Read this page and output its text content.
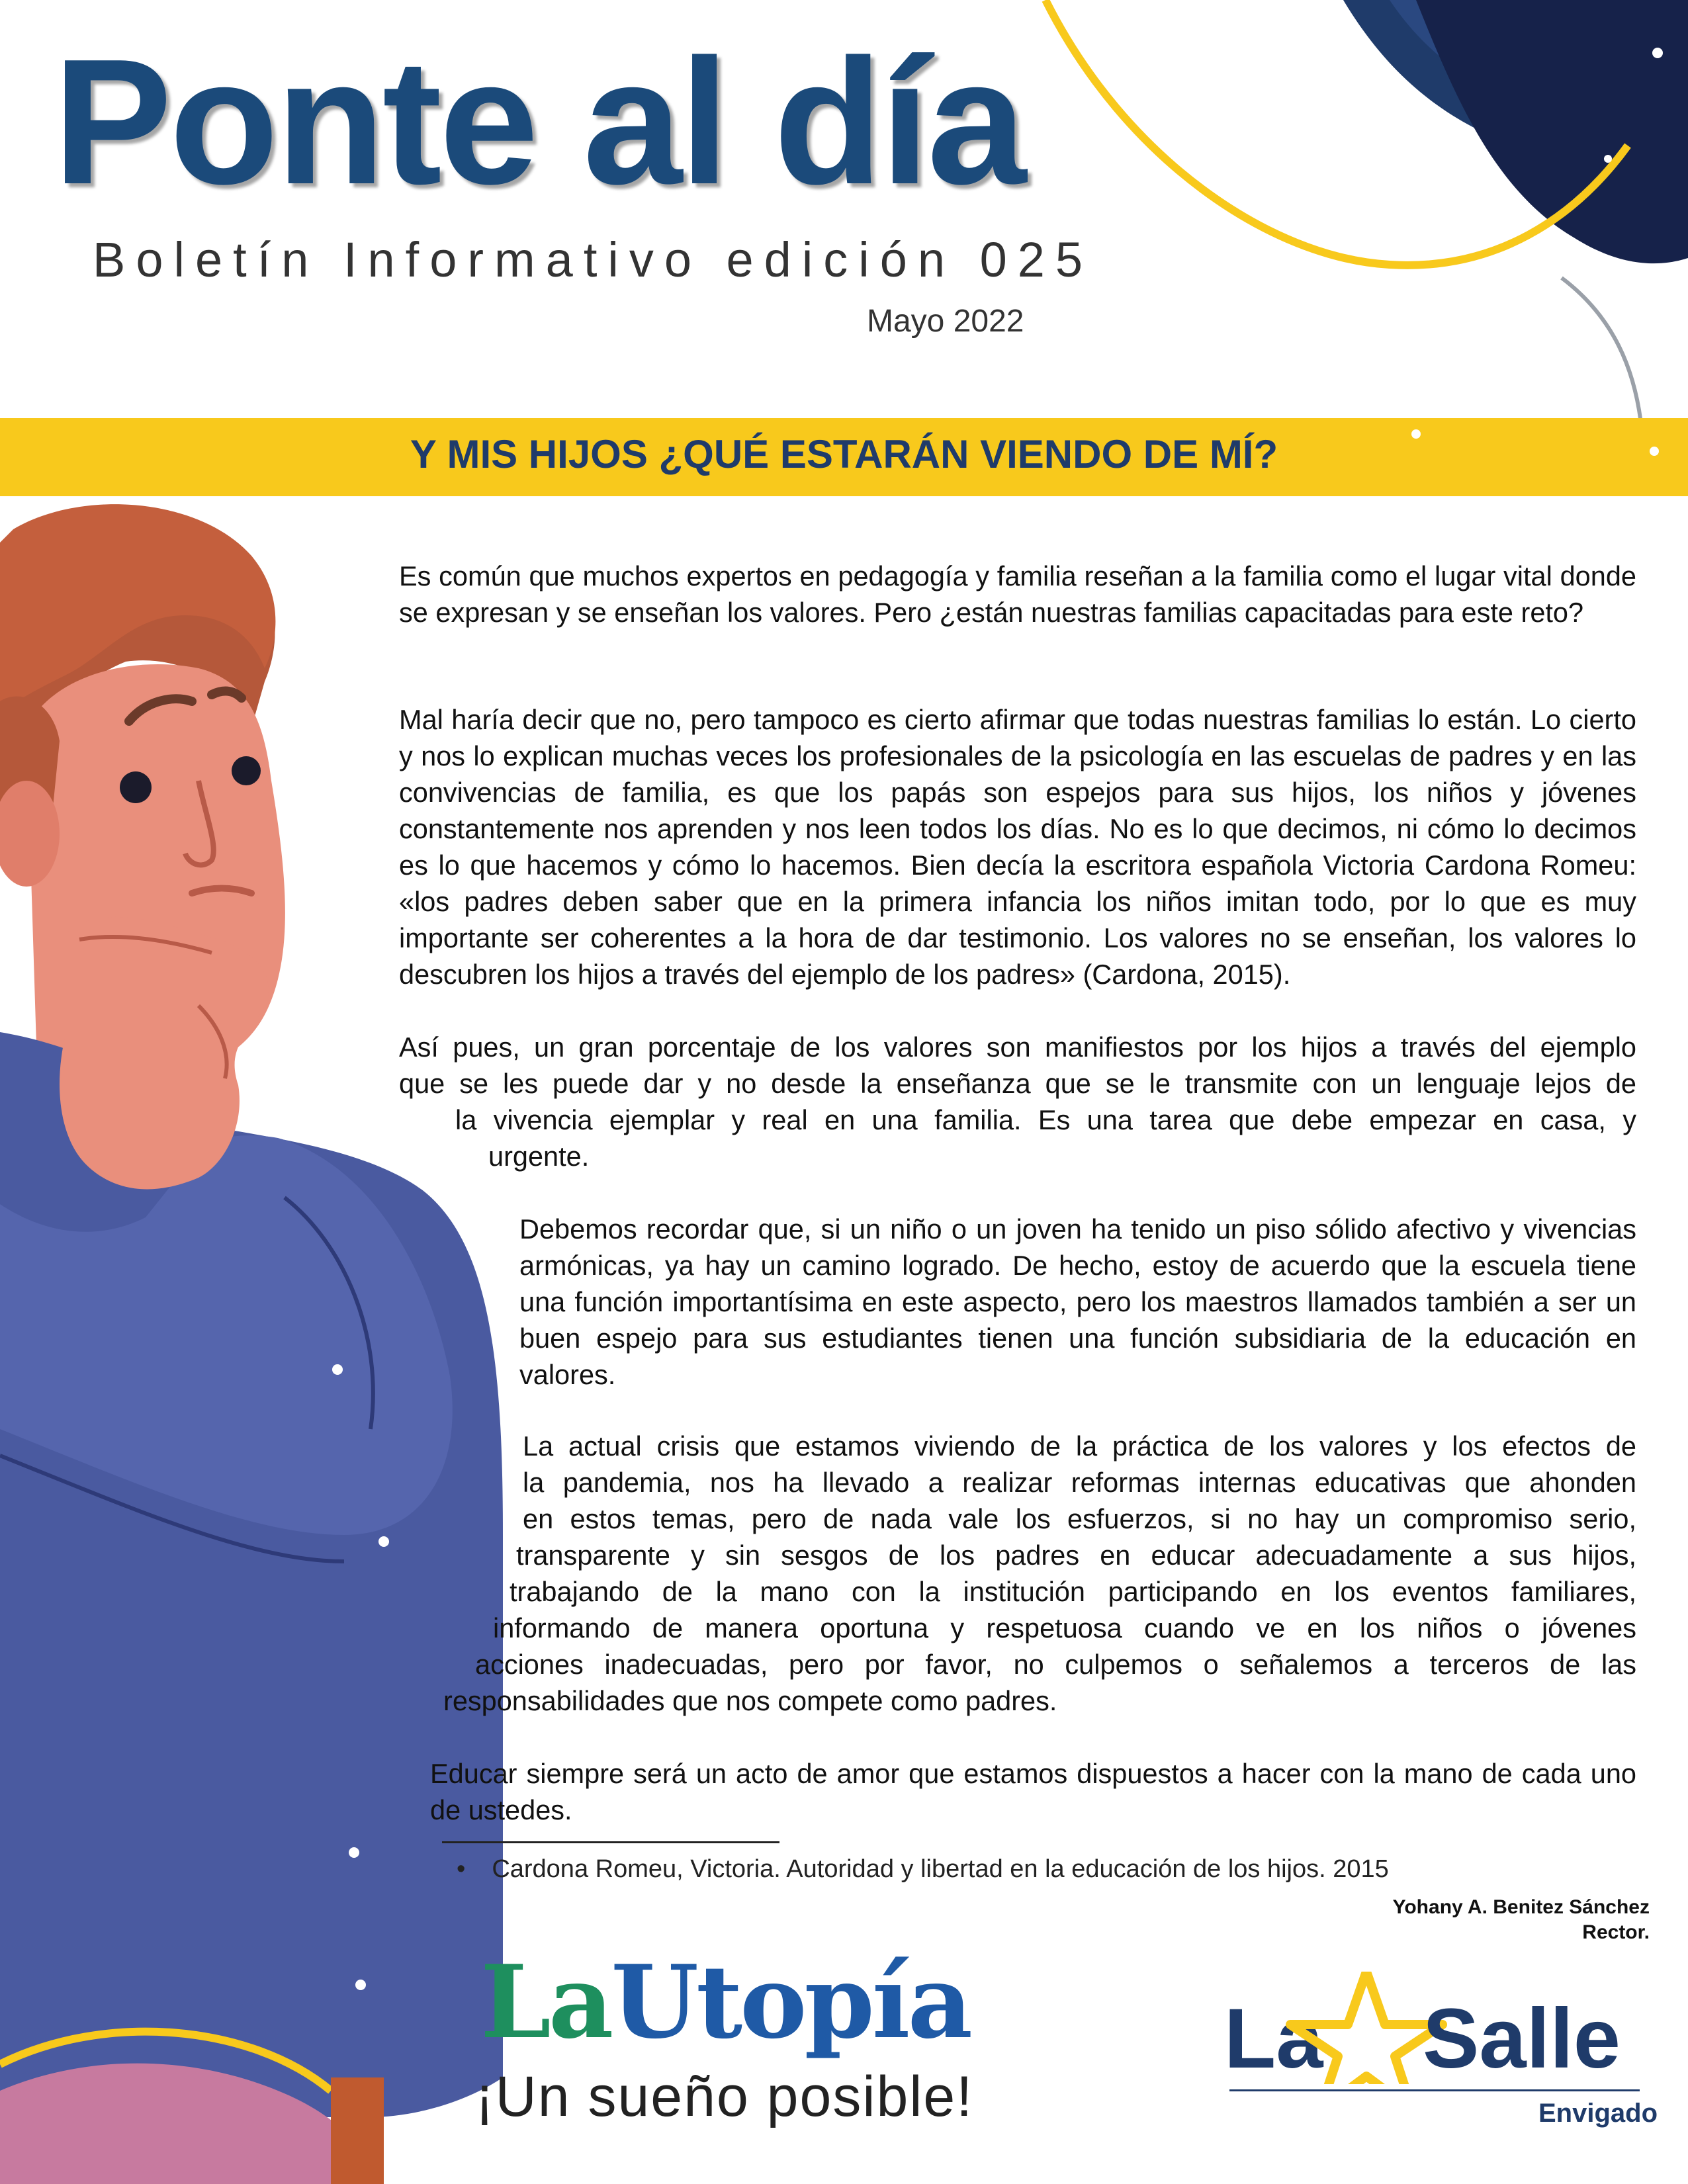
Ponte al día
Boletín Informativo edición 025
Mayo 2022
Y MIS HIJOS ¿QUÉ ESTARÁN VIENDO DE MÍ?

Es común que muchos expertos en pedagogía y familia reseñan a la familia como el lugar vital donde se expresan y se enseñan los valores. Pero ¿están nuestras familias capacitadas para este reto?

Mal haría decir que no, pero tampoco es cierto afirmar que todas nuestras familias lo están. Lo cierto y nos lo explican muchas veces los profesionales de la psicología en las escuelas de padres y en las convivencias de familia, es que los papás son espejos para sus hijos, los niños y jóvenes constantemente nos aprenden y nos leen todos los días. No es lo que decimos, ni cómo lo decimos es lo que hacemos y cómo lo hacemos. Bien decía la escritora española Victoria Cardona Romeu: «los padres deben saber que en la primera infancia los niños imitan todo, por lo que es muy importante ser coherentes a la hora de dar testimonio. Los valores no se enseñan, los valores lo descubren los hijos a través del ejemplo de los padres» (Cardona, 2015).

Así pues, un gran porcentaje de los valores son manifiestos por los hijos a través del ejemplo

que se les puede dar y no desde la enseñanza que se le transmite con un lenguaje lejos de

la vivencia ejemplar y real en una familia. Es una tarea que debe empezar en casa, y

urgente.

Debemos recordar que, si un niño o un joven ha tenido un piso sólido afectivo y vivencias armónicas, ya hay un camino logrado. De hecho, estoy de acuerdo que la escuela tiene una función importantísima en este aspecto, pero los maestros llamados también a ser un buen espejo para sus estudiantes tienen una función subsidiaria de la educación en valores.

La actual crisis que estamos viviendo de la práctica de los valores y los efectos de

la pandemia, nos ha llevado a realizar reformas internas educativas que ahonden

en estos temas, pero de nada vale los esfuerzos, si no hay un compromiso serio,

transparente y sin sesgos de los padres en educar adecuadamente a sus hijos,

trabajando de la mano con la institución participando en los eventos familiares,

informando de manera oportuna y respetuosa cuando ve en los niños o jóvenes

acciones inadecuadas, pero por favor, no culpemos o señalemos a terceros de las

responsabilidades que nos compete como padres.

Educar siempre será un acto de amor que estamos dispuestos a hacer con la mano de cada uno de ustedes.

• Cardona Romeu, Victoria. Autoridad y libertad en la educación de los hijos. 2015
Yohany A. Benitez Sánchez
Rector.
LaUtopía
¡Un sueño posible!
La Salle
Envigado
